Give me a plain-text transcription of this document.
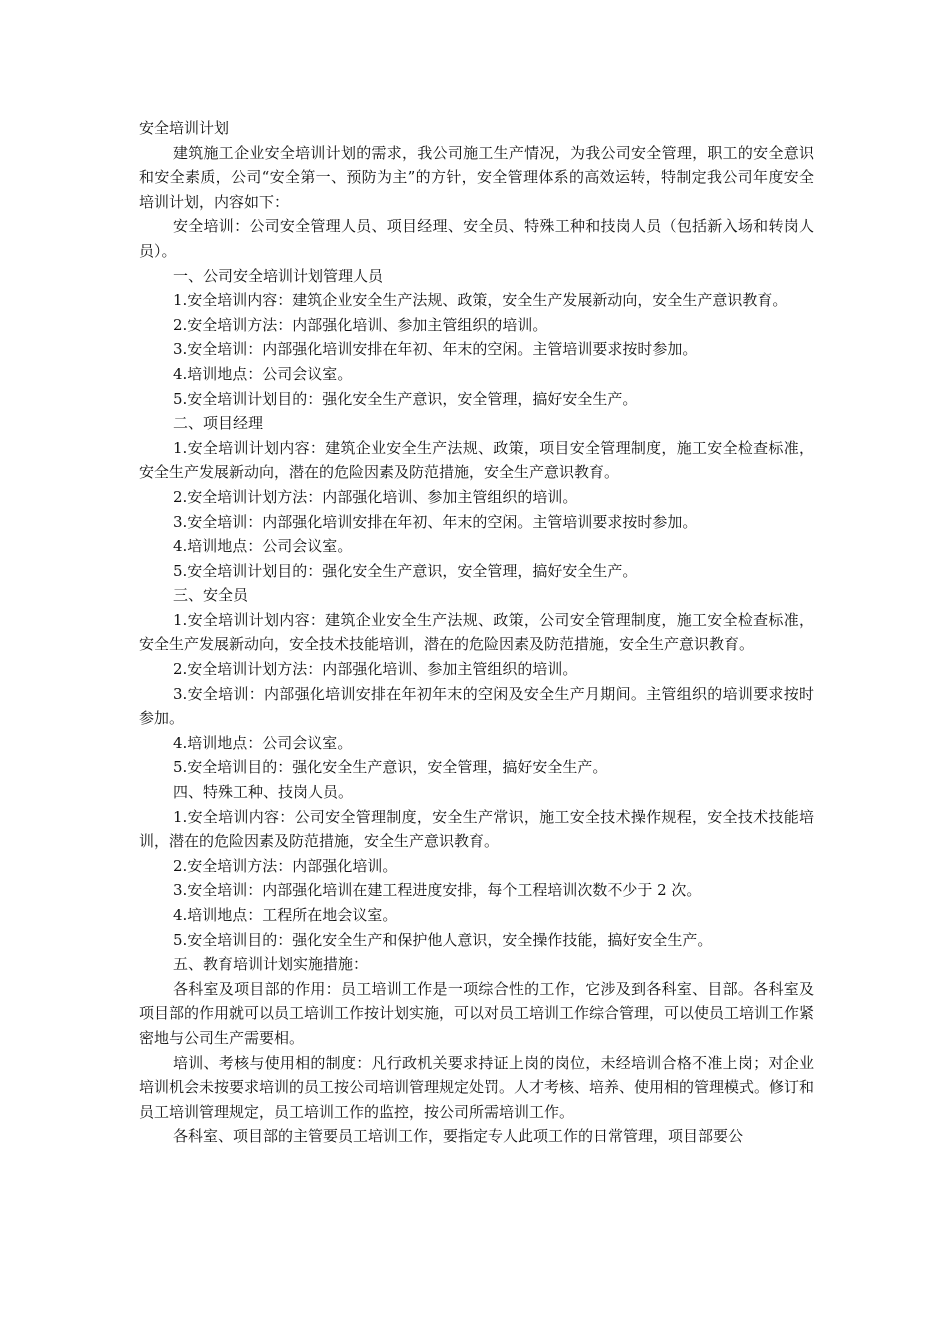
安全培训计划

建筑施工企业安全培训计划的需求，我公司施工生产情况，为我公司安全管理，职工的安全意识和安全素质，公司“安全第一、预防为主”的方针，安全管理体系的高效运转，特制定我公司年度安全培训计划，内容如下：

安全培训：公司安全管理人员、项目经理、安全员、特殊工种和技岗人员（包括新入场和转岗人员）。

一、公司安全培训计划管理人员

1.安全培训内容：建筑企业安全生产法规、政策，安全生产发展新动向，安全生产意识教育。

2.安全培训方法：内部强化培训、参加主管组织的培训。

3.安全培训：内部强化培训安排在年初、年末的空闲。主管培训要求按时参加。

4.培训地点：公司会议室。

5.安全培训计划目的：强化安全生产意识，安全管理，搞好安全生产。

二、项目经理

1.安全培训计划内容：建筑企业安全生产法规、政策，项目安全管理制度，施工安全检查标准，安全生产发展新动向，潜在的危险因素及防范措施，安全生产意识教育。

2.安全培训计划方法：内部强化培训、参加主管组织的培训。

3.安全培训：内部强化培训安排在年初、年末的空闲。主管培训要求按时参加。

4.培训地点：公司会议室。

5.安全培训计划目的：强化安全生产意识，安全管理，搞好安全生产。

三、安全员

1.安全培训计划内容：建筑企业安全生产法规、政策，公司安全管理制度，施工安全检查标准，安全生产发展新动向，安全技术技能培训，潜在的危险因素及防范措施，安全生产意识教育。

2.安全培训计划方法：内部强化培训、参加主管组织的培训。

3.安全培训：内部强化培训安排在年初年末的空闲及安全生产月期间。主管组织的培训要求按时参加。

4.培训地点：公司会议室。

5.安全培训目的：强化安全生产意识，安全管理，搞好安全生产。

四、特殊工种、技岗人员。

1.安全培训内容：公司安全管理制度，安全生产常识，施工安全技术操作规程，安全技术技能培训，潜在的危险因素及防范措施，安全生产意识教育。

2.安全培训方法：内部强化培训。

3.安全培训：内部强化培训在建工程进度安排，每个工程培训次数不少于 2 次。

4.培训地点：工程所在地会议室。

5.安全培训目的：强化安全生产和保护他人意识，安全操作技能，搞好安全生产。

五、教育培训计划实施措施：

各科室及项目部的作用：员工培训工作是一项综合性的工作，它涉及到各科室、目部。各科室及项目部的作用就可以员工培训工作按计划实施，可以对员工培训工作综合管理，可以使员工培训工作紧密地与公司生产需要相。

培训、考核与使用相的制度：凡行政机关要求持证上岗的岗位，未经培训合格不准上岗；对企业培训机会未按要求培训的员工按公司培训管理规定处罚。人才考核、培养、使用相的管理模式。修订和员工培训管理规定，员工培训工作的监控，按公司所需培训工作。

各科室、项目部的主管要员工培训工作，要指定专人此项工作的日常管理，项目部要公
